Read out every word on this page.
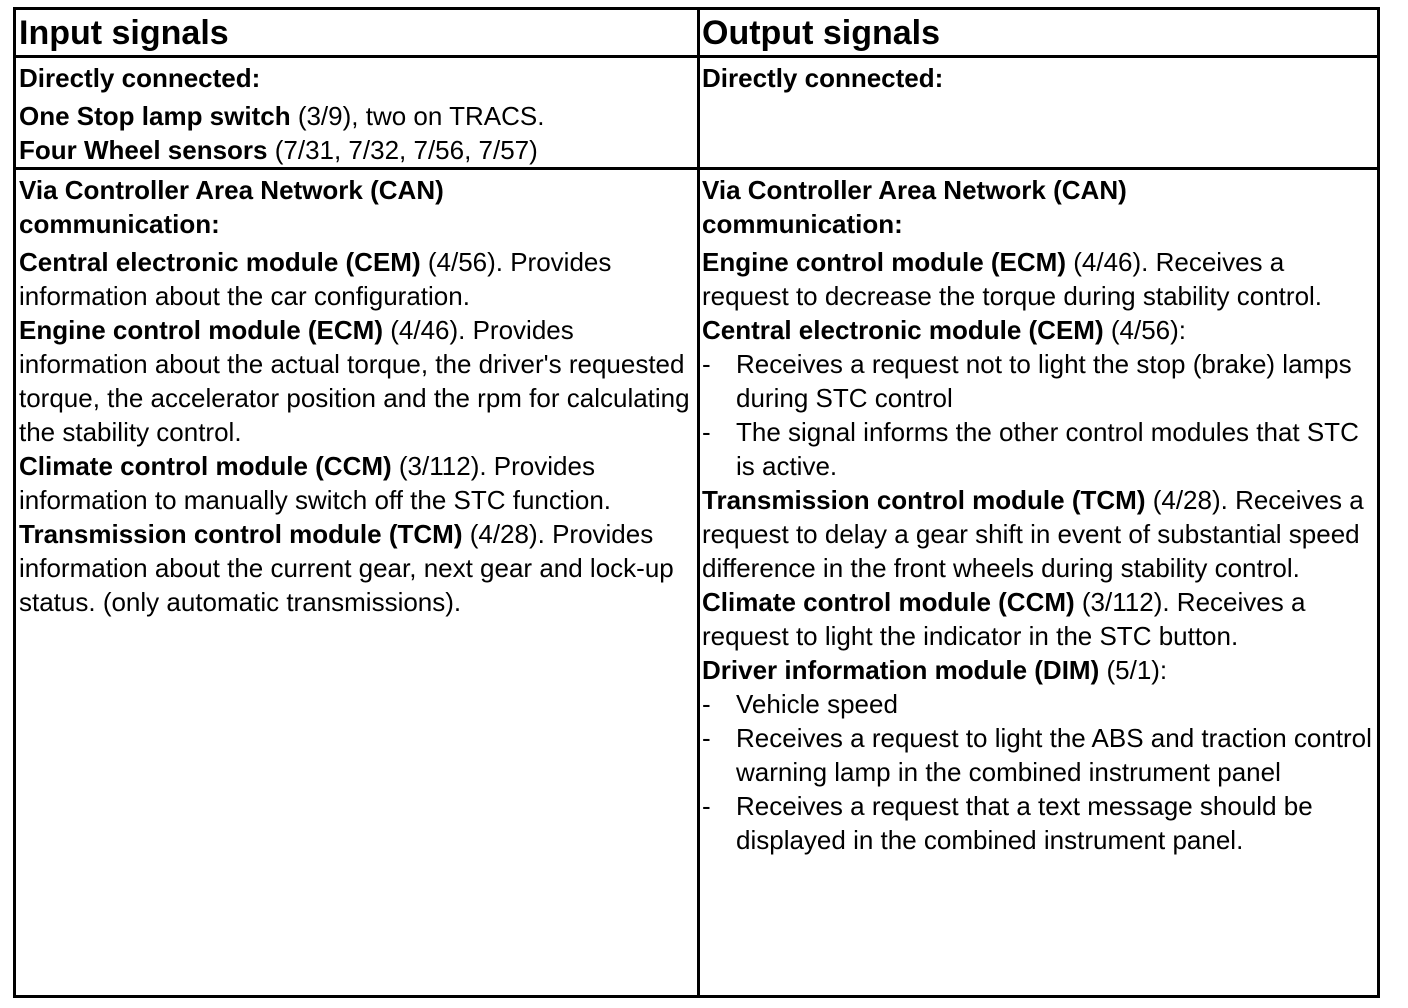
Input signals	Output signals

Directly connected:

One Stop lamp switch (3/9), two on TRACS.

Four Wheel sensors (7/31, 7/32, 7/56, 7/57)

Directly connected:

Via Controller Area Network (CAN)
communication:

Central electronic module (CEM) (4/56). Provides information about the car configuration.

Engine control module (ECM) (4/46). Provides information about the actual torque, the driver's requested torque, the accelerator position and the rpm for calculating the stability control.

Climate control module (CCM) (3/112). Provides information to manually switch off the STC function.

Transmission control module (TCM) (4/28). Provides information about the current gear, next gear and lock-up status. (only automatic transmissions).

Via Controller Area Network (CAN)
communication:

Engine control module (ECM) (4/46). Receives a request to decrease the torque during stability control.

Central electronic module (CEM) (4/56):

- Receives a request not to light the stop (brake) lamps during STC control
- The signal informs the other control modules that STC is active.

Transmission control module (TCM) (4/28). Receives a request to delay a gear shift in event of substantial speed difference in the front wheels during stability control.

Climate control module (CCM) (3/112). Receives a request to light the indicator in the STC button.

Driver information module (DIM) (5/1):

- Vehicle speed
- Receives a request to light the ABS and traction control warning lamp in the combined instrument panel
- Receives a request that a text message should be displayed in the combined instrument panel.
